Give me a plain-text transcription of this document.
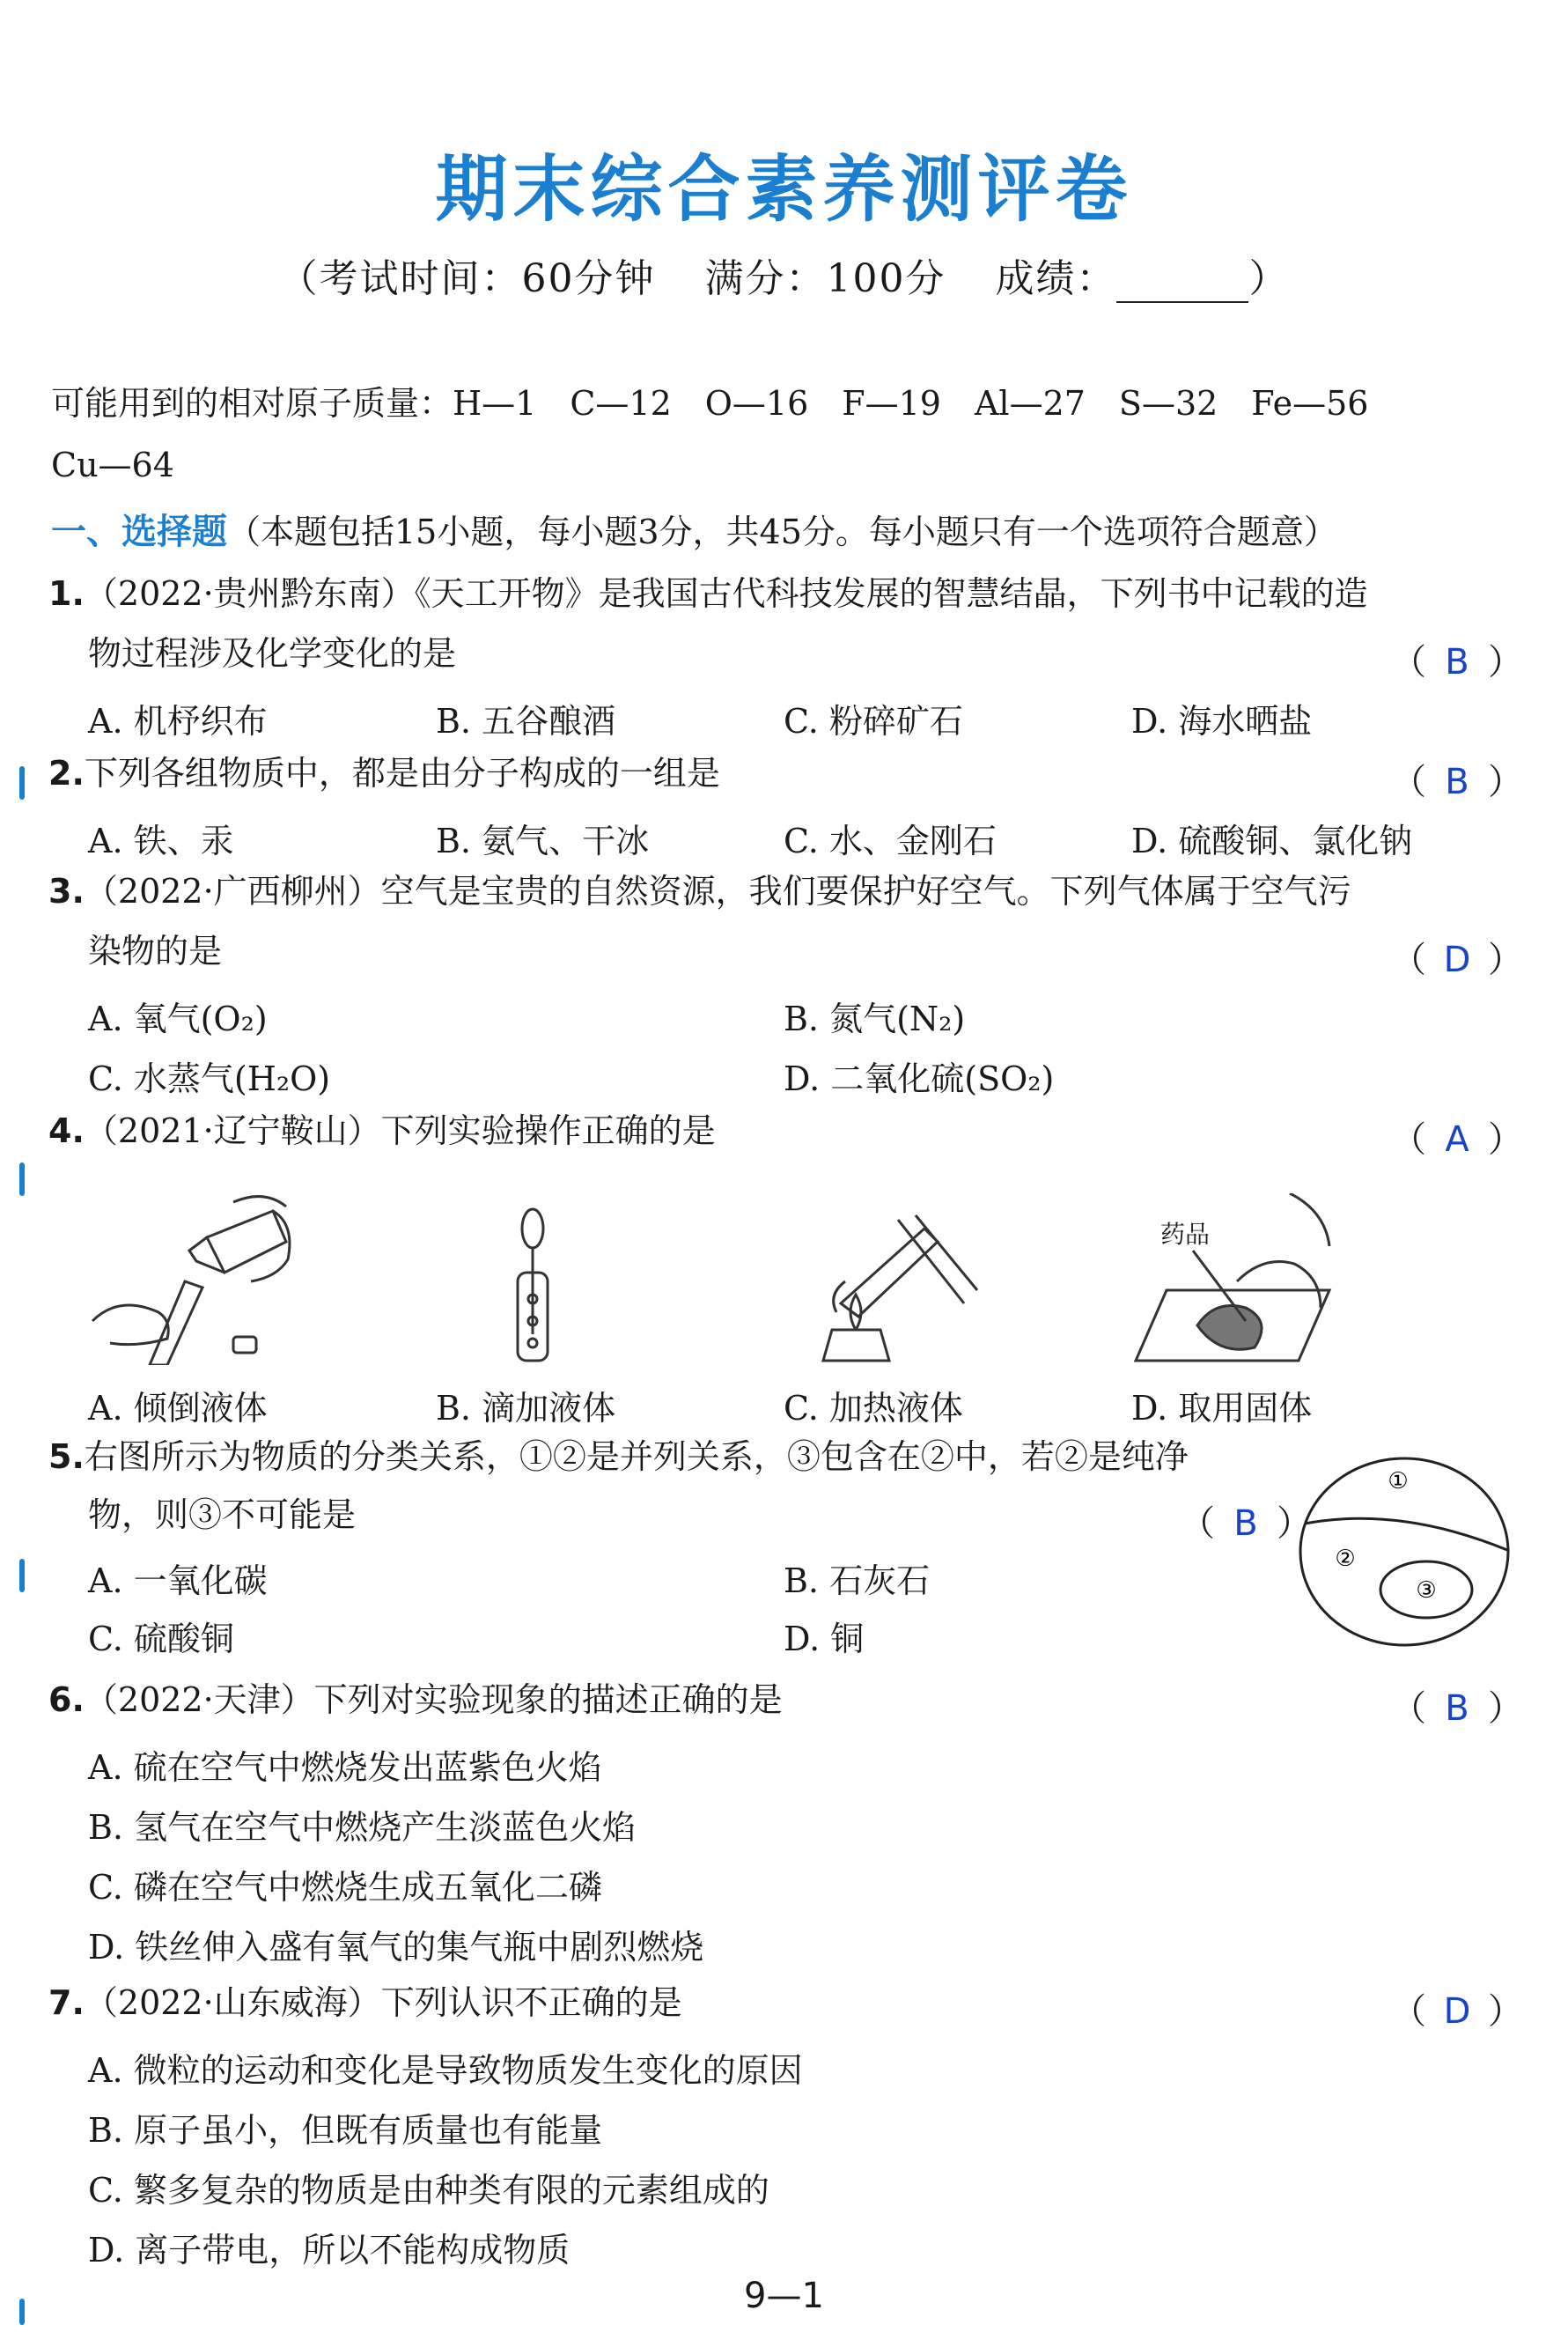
期末综合素养测评卷
（考试时间：60分钟 满分：100分 成绩：	）
可能用到的相对原子质量：H—1　C—12　O—16　F—19　Al—27　S—32　Fe—56
Cu—64
一、选择题（本题包括15小题，每小题3分，共45分。每小题只有一个选项符合题意）
1.（2022·贵州黔东南）《天工开物》是我国古代科技发展的智慧结晶，下列书中记载的造
物过程涉及化学变化的是	（ B ）
A. 机杼织布	B. 五谷酿酒	C. 粉碎矿石	D. 海水晒盐
2.下列各组物质中，都是由分子构成的一组是	（ B ）
A. 铁、汞	B. 氨气、干冰	C. 水、金刚石	D. 硫酸铜、氯化钠
3.（2022·广西柳州）空气是宝贵的自然资源，我们要保护好空气。下列气体属于空气污
染物的是	（ D ）
A. 氧气(O₂)	B. 氮气(N₂)
C. 水蒸气(H₂O)	D. 二氧化硫(SO₂)
4.（2021·辽宁鞍山）下列实验操作正确的是	（ A ）
药品
A. 倾倒液体	B. 滴加液体	C. 加热液体	D. 取用固体
5.右图所示为物质的分类关系，①②是并列关系，③包含在②中，若②是纯净
物，则③不可能是	（ B ）
A. 一氧化碳	B. 石灰石
C. 硫酸铜	D. 铜
①
②
③
6.（2022·天津）下列对实验现象的描述正确的是	（ B ）
A. 硫在空气中燃烧发出蓝紫色火焰
B. 氢气在空气中燃烧产生淡蓝色火焰
C. 磷在空气中燃烧生成五氧化二磷
D. 铁丝伸入盛有氧气的集气瓶中剧烈燃烧
7.（2022·山东威海）下列认识不正确的是	（ D ）
A. 微粒的运动和变化是导致物质发生变化的原因
B. 原子虽小，但既有质量也有能量
C. 繁多复杂的物质是由种类有限的元素组成的
D. 离子带电，所以不能构成物质
9—1
